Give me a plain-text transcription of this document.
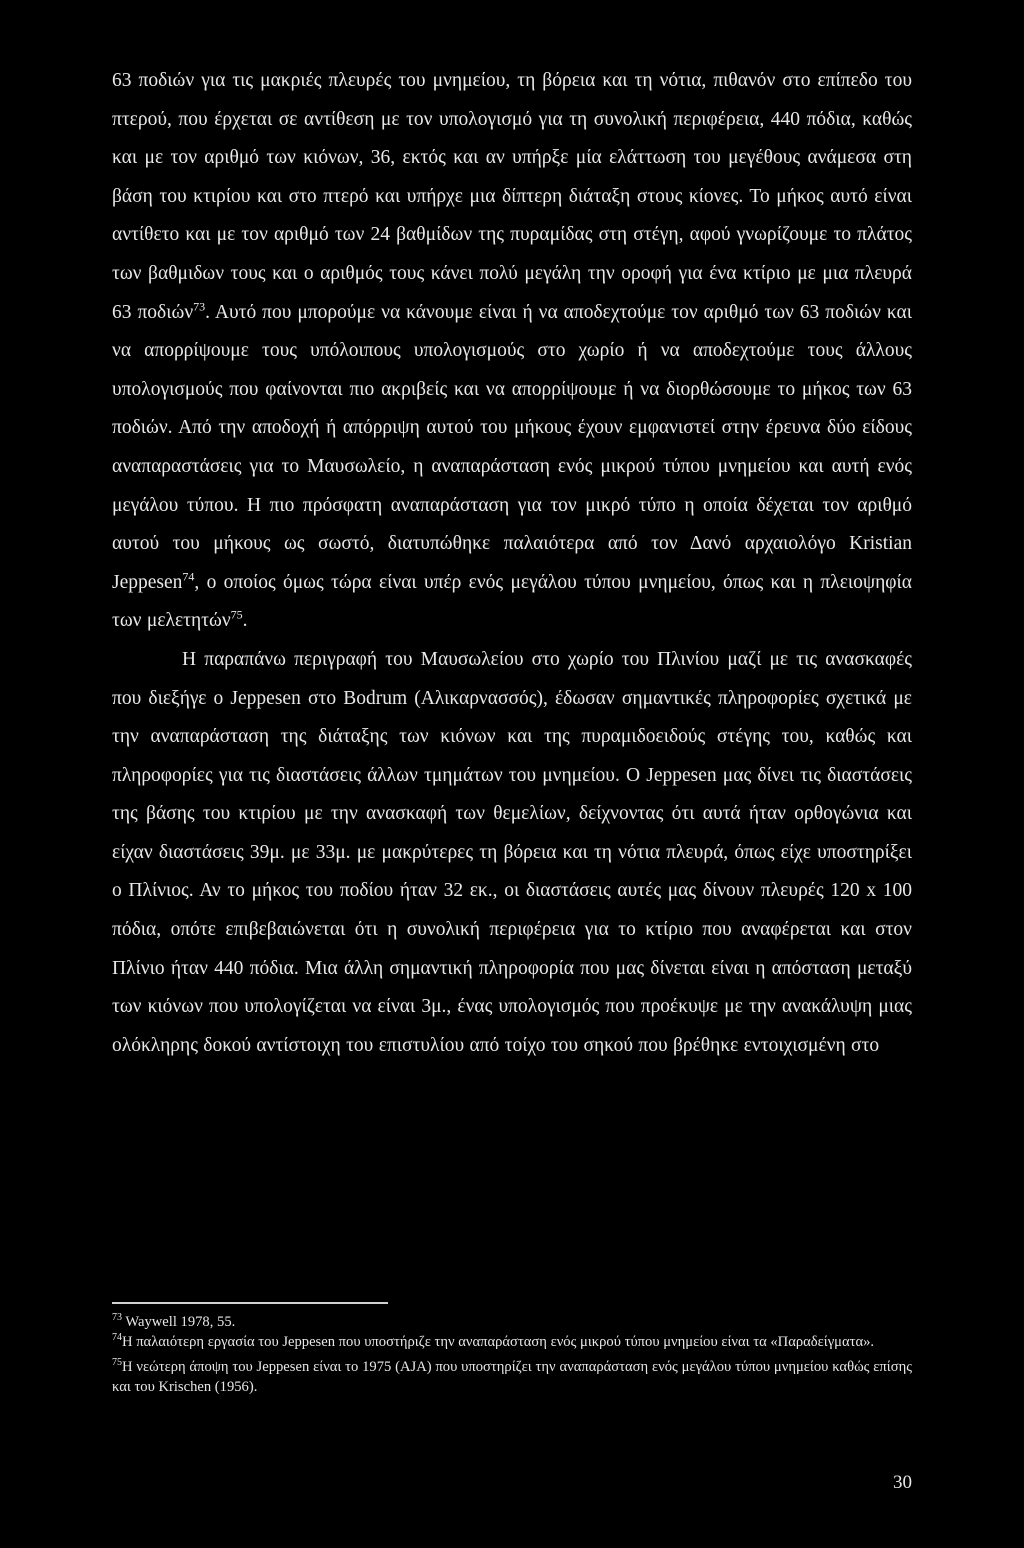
63 ποδιών για τις μακριές πλευρές του μνημείου, τη βόρεια και τη νότια, πιθανόν στο επίπεδο του πτερού, που έρχεται σε αντίθεση με τον υπολογισμό για τη συνολική περιφέρεια, 440 πόδια, καθώς και με τον αριθμό των κιόνων, 36, εκτός και αν υπήρξε μία ελάττωση του μεγέθους ανάμεσα στη βάση του κτιρίου και στο πτερό και υπήρχε μια δίπτερη διάταξη στους κίονες. Το μήκος αυτό είναι αντίθετο και με τον αριθμό των 24 βαθμίδων της πυραμίδας στη στέγη, αφού γνωρίζουμε το πλάτος των βαθμιδων τους και ο αριθμός τους κάνει πολύ μεγάλη την οροφή για ένα κτίριο με μια πλευρά 63 ποδιών$^{73}$. Αυτό που μπορούμε να κάνουμε είναι ή να αποδεχτούμε τον αριθμό των 63 ποδιών και να απορρίψουμε τους υπόλοιπους υπολογισμούς στο χωρίο ή να αποδεχτούμε τους άλλους υπολογισμούς που φαίνονται πιο ακριβείς και να απορρίψουμε ή να διορθώσουμε το μήκος των 63 ποδιών. Από την αποδοχή ή απόρριψη αυτού του μήκους έχουν εμφανιστεί στην έρευνα δύο είδους αναπαραστάσεις για το Μαυσωλείο, η αναπαράσταση ενός μικρού τύπου μνημείου και αυτή ενός μεγάλου τύπου. Η πιο πρόσφατη αναπαράσταση για τον μικρό τύπο η οποία δέχεται τον αριθμό αυτού του μήκους ως σωστό, διατυπώθηκε παλαιότερα από τον Δανό αρχαιολόγο Kristian Jeppesen$^{74}$, ο οποίος όμως τώρα είναι υπέρ ενός μεγάλου τύπου μνημείου, όπως και η πλειοψηφία των μελετητών$^{75}$.

Η παραπάνω περιγραφή του Μαυσωλείου στο χωρίο του Πλινίου μαζί με τις ανασκαφές που διεξήγε ο Jeppesen στο Bodrum (Αλικαρνασσός), έδωσαν σημαντικές πληροφορίες σχετικά με την αναπαράσταση της διάταξης των κιόνων και της πυραμιδοειδούς στέγης του, καθώς και πληροφορίες για τις διαστάσεις άλλων τμημάτων του μνημείου. Ο Jeppesen μας δίνει τις διαστάσεις της βάσης του κτιρίου με την ανασκαφή των θεμελίων, δείχνοντας ότι αυτά ήταν ορθογώνια και είχαν διαστάσεις 39μ. με 33μ. με μακρύτερες τη βόρεια και τη νότια πλευρά, όπως είχε υποστηρίξει ο Πλίνιος. Αν το μήκος του ποδίου ήταν 32 εκ., οι διαστάσεις αυτές μας δίνουν πλευρές 120 x 100 πόδια, οπότε επιβεβαιώνεται ότι η συνολική περιφέρεια για το κτίριο που αναφέρεται και στον Πλίνιο ήταν 440 πόδια. Μια άλλη σημαντική πληροφορία που μας δίνεται είναι η απόσταση μεταξύ των κιόνων που υπολογίζεται να είναι 3μ., ένας υπολογισμός που προέκυψε με την ανακάλυψη μιας ολόκληρης δοκού αντίστοιχη του επιστυλίου από τοίχο του σηκού που βρέθηκε εντοιχισμένη στο

$^{73}$ Waywell 1978, 55.

$^{74}$Η παλαιότερη εργασία του Jeppesen που υποστήριζε την αναπαράσταση ενός μικρού τύπου μνημείου είναι τα «Παραδείγματα».

$^{75}$Η νεώτερη άποψη του Jeppesen είναι το 1975 (AJA) που υποστηρίζει την αναπαράσταση ενός μεγάλου τύπου μνημείου καθώς επίσης και του Krischen (1956).

30
